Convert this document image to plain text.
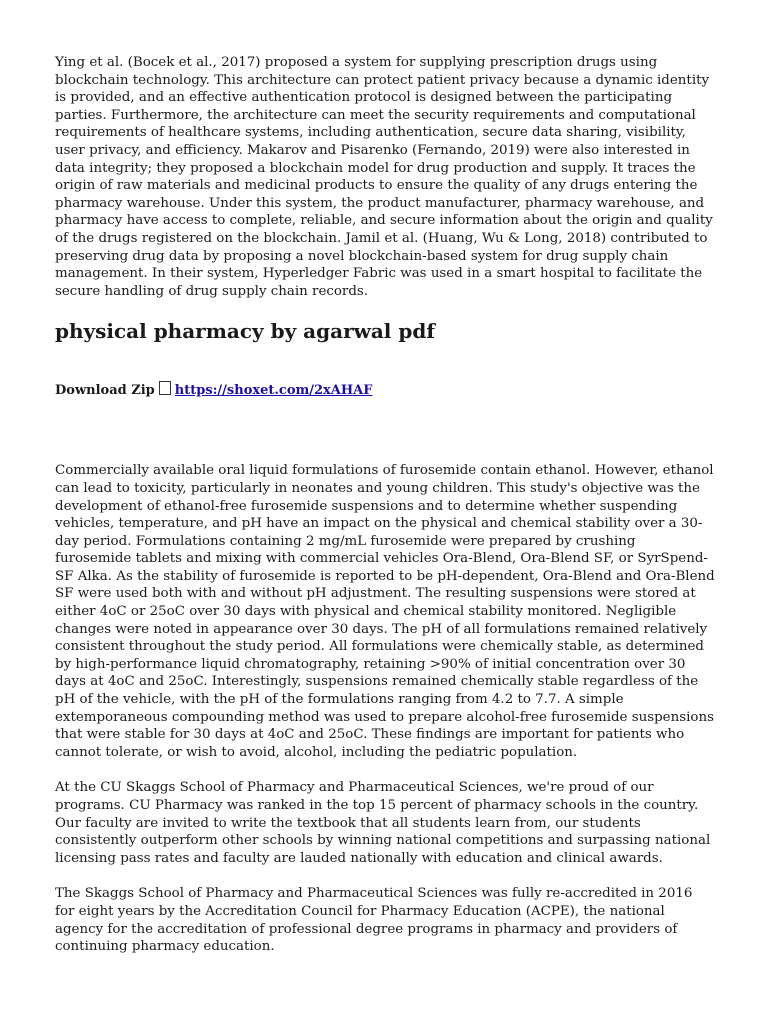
Ying et al. (Bocek et al., 2017) proposed a system for supplying prescription drugs using blockchain technology. This architecture can protect patient privacy because a dynamic identity is provided, and an effective authentication protocol is designed between the participating parties. Furthermore, the architecture can meet the security requirements and computational requirements of healthcare systems, including authentication, secure data sharing, visibility, user privacy, and efficiency. Makarov and Pisarenko (Fernando, 2019) were also interested in data integrity; they proposed a blockchain model for drug production and supply. It traces the origin of raw materials and medicinal products to ensure the quality of any drugs entering the pharmacy warehouse. Under this system, the product manufacturer, pharmacy warehouse, and pharmacy have access to complete, reliable, and secure information about the origin and quality of the drugs registered on the blockchain. Jamil et al. (Huang, Wu & Long, 2018) contributed to preserving drug data by proposing a novel blockchain-based system for drug supply chain management. In their system, Hyperledger Fabric was used in a smart hospital to facilitate the secure handling of drug supply chain records.

physical pharmacy by agarwal pdf
Download Zip https://shoxet.com/2xAHAF

Commercially available oral liquid formulations of furosemide contain ethanol. However, ethanol can lead to toxicity, particularly in neonates and young children. This study's objective was the development of ethanol-free furosemide suspensions and to determine whether suspending vehicles, temperature, and pH have an impact on the physical and chemical stability over a 30-day period. Formulations containing 2 mg/mL furosemide were prepared by crushing furosemide tablets and mixing with commercial vehicles Ora-Blend, Ora-Blend SF, or SyrSpend-SF Alka. As the stability of furosemide is reported to be pH-dependent, Ora-Blend and Ora-Blend SF were used both with and without pH adjustment. The resulting suspensions were stored at either 4oC or 25oC over 30 days with physical and chemical stability monitored. Negligible changes were noted in appearance over 30 days. The pH of all formulations remained relatively consistent throughout the study period. All formulations were chemically stable, as determined by high-performance liquid chromatography, retaining >90% of initial concentration over 30 days at 4oC and 25oC. Interestingly, suspensions remained chemically stable regardless of the pH of the vehicle, with the pH of the formulations ranging from 4.2 to 7.7. A simple extemporaneous compounding method was used to prepare alcohol-free furosemide suspensions that were stable for 30 days at 4oC and 25oC. These findings are important for patients who cannot tolerate, or wish to avoid, alcohol, including the pediatric population.

At the CU Skaggs School of Pharmacy and Pharmaceutical Sciences, we're proud of our programs. CU Pharmacy was ranked in the top 15 percent of pharmacy schools in the country. Our faculty are invited to write the textbook that all students learn from, our students consistently outperform other schools by winning national competitions and surpassing national licensing pass rates and faculty are lauded nationally with education and clinical awards.

The Skaggs School of Pharmacy and Pharmaceutical Sciences was fully re-accredited in 2016 for eight years by the Accreditation Council for Pharmacy Education (ACPE), the national agency for the accreditation of professional degree programs in pharmacy and providers of continuing pharmacy education.
